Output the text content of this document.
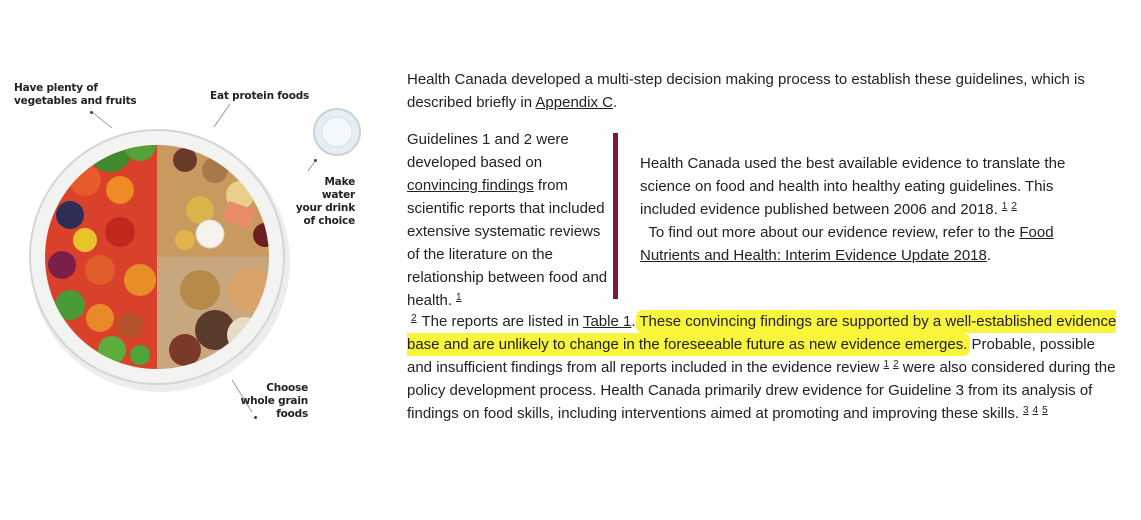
Have plenty of
vegetables and fruits	Eat protein foods
Make water
your drink
of choice
Choose
whole grain
foods
Health Canada developed a multi-step decision making process to establish these guidelines, which is described briefly in Appendix C.
Guidelines 1 and 2 were developed based on convincing findings from scientific reports that included extensive systematic reviews of the literature on the relationship between food and health. $^1$
Health Canada used the best available evidence to translate the science on food and health into healthy eating guidelines. This included evidence published between 2006 and 2018. $^1$ $^2$
To find out more about our evidence review, refer to the Food Nutrients and Health: Interim Evidence Update 2018.
$^2$ The reports are listed in Table 1. These convincing findings are supported by a well-established evidence base and are unlikely to change in the foreseeable future as new evidence emerges. Probable, possible and insufficient findings from all reports included in the evidence review $^1$ $^2$ were also considered during the policy development process. Health Canada primarily drew evidence for Guideline 3 from its analysis of findings on food skills, including interventions aimed at promoting and improving these skills. $^3$ $^4$ $^5$
